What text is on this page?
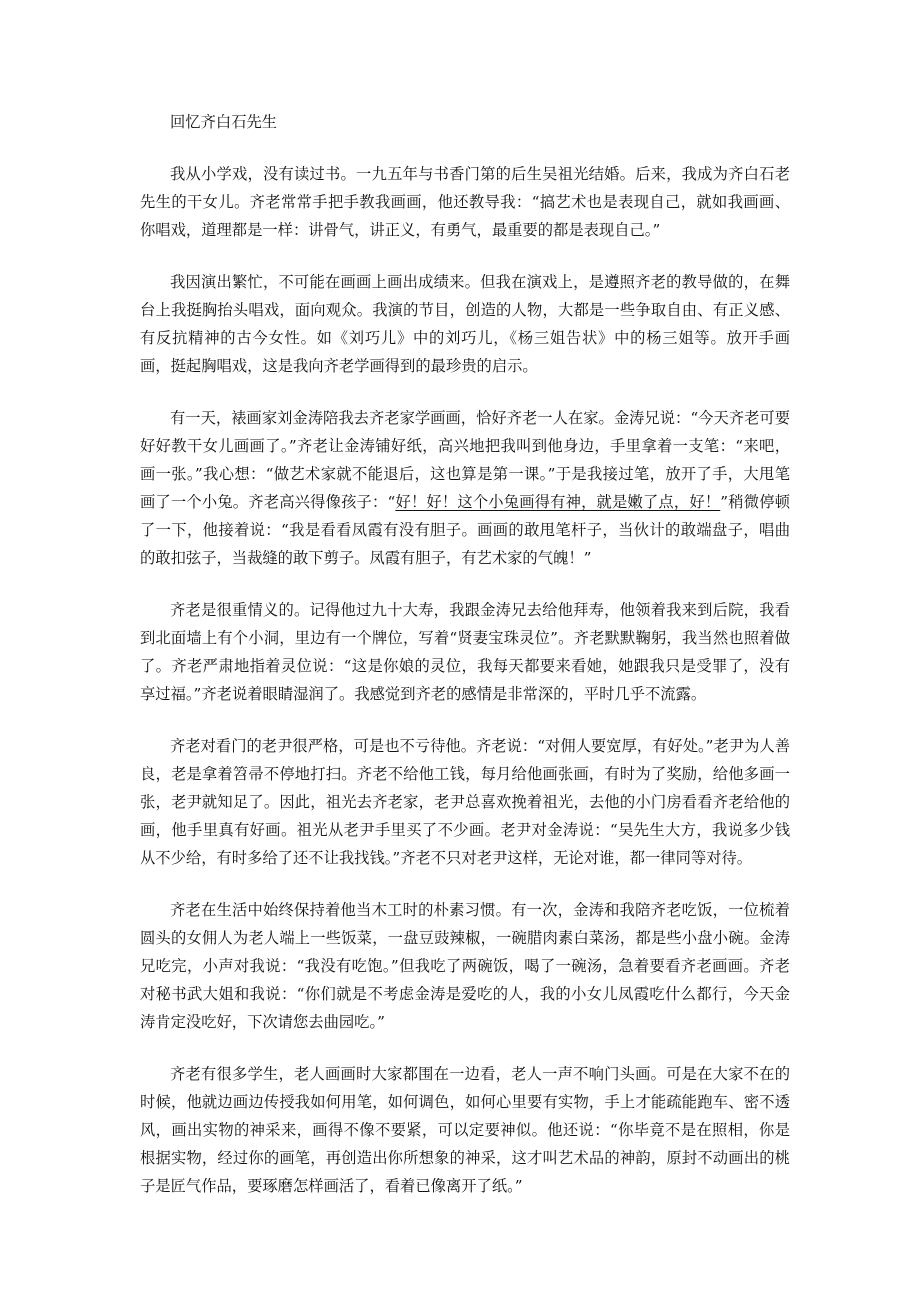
回忆齐白石先生

我从小学戏，没有读过书。一九五年与书香门第的后生吴祖光结婚。后来，我成为齐白石老先生的干女儿。齐老常常手把手教我画画，他还教导我：“搞艺术也是表现自己，就如我画画、你唱戏，道理都是一样：讲骨气，讲正义，有勇气，最重要的都是表现自己。”

我因演出繁忙，不可能在画画上画出成绩来。但我在演戏上，是遵照齐老的教导做的，在舞台上我挺胸抬头唱戏，面向观众。我演的节目，创造的人物，大都是一些争取自由、有正义感、有反抗精神的古今女性。如《刘巧儿》中的刘巧儿，《杨三姐告状》中的杨三姐等。放开手画画，挺起胸唱戏，这是我向齐老学画得到的最珍贵的启示。

有一天，裱画家刘金涛陪我去齐老家学画画，恰好齐老一人在家。金涛兄说：“今天齐老可要好好教干女儿画画了。”齐老让金涛铺好纸，高兴地把我叫到他身边，手里拿着一支笔：“来吧，画一张。”我心想：“做艺术家就不能退后，这也算是第一课。”于是我接过笔，放开了手，大甩笔画了一个小兔。齐老高兴得像孩子：“好！好！这个小兔画得有神，就是嫩了点，好！”稍微停顿了一下，他接着说：“我是看看凤霞有没有胆子。画画的敢甩笔杆子，当伙计的敢端盘子，唱曲的敢扣弦子，当裁缝的敢下剪子。凤霞有胆子，有艺术家的气魄！”

齐老是很重情义的。记得他过九十大寿，我跟金涛兄去给他拜寿，他领着我来到后院，我看到北面墙上有个小洞，里边有一个牌位，写着“贤妻宝珠灵位”。齐老默默鞠躬，我当然也照着做了。齐老严肃地指着灵位说：“这是你娘的灵位，我每天都要来看她，她跟我只是受罪了，没有享过福。”齐老说着眼睛湿润了。我感觉到齐老的感情是非常深的，平时几乎不流露。

齐老对看门的老尹很严格，可是也不亏待他。齐老说：“对佣人要宽厚，有好处。”老尹为人善良，老是拿着笤帚不停地打扫。齐老不给他工钱，每月给他画张画，有时为了奖励，给他多画一张，老尹就知足了。因此，祖光去齐老家，老尹总喜欢挽着祖光，去他的小门房看看齐老给他的画，他手里真有好画。祖光从老尹手里买了不少画。老尹对金涛说：“吴先生大方，我说多少钱从不少给，有时多给了还不让我找钱。”齐老不只对老尹这样，无论对谁，都一律同等对待。

齐老在生活中始终保持着他当木工时的朴素习惯。有一次，金涛和我陪齐老吃饭，一位梳着圆头的女佣人为老人端上一些饭菜，一盘豆豉辣椒，一碗腊肉素白菜汤，都是些小盘小碗。金涛兄吃完，小声对我说：“我没有吃饱。”但我吃了两碗饭，喝了一碗汤，急着要看齐老画画。齐老对秘书武大姐和我说：“你们就是不考虑金涛是爱吃的人，我的小女儿凤霞吃什么都行，今天金涛肯定没吃好，下次请您去曲园吃。”

齐老有很多学生，老人画画时大家都围在一边看，老人一声不响门头画。可是在大家不在的时候，他就边画边传授我如何用笔，如何调色，如何心里要有实物，手上才能疏能跑车、密不透风，画出实物的神采来，画得不像不要紧，可以定要神似。他还说：“你毕竟不是在照相，你是根据实物，经过你的画笔，再创造出你所想象的神采，这才叫艺术品的神韵，原封不动画出的桃子是匠气作品，要琢磨怎样画活了，看着已像离开了纸。”
